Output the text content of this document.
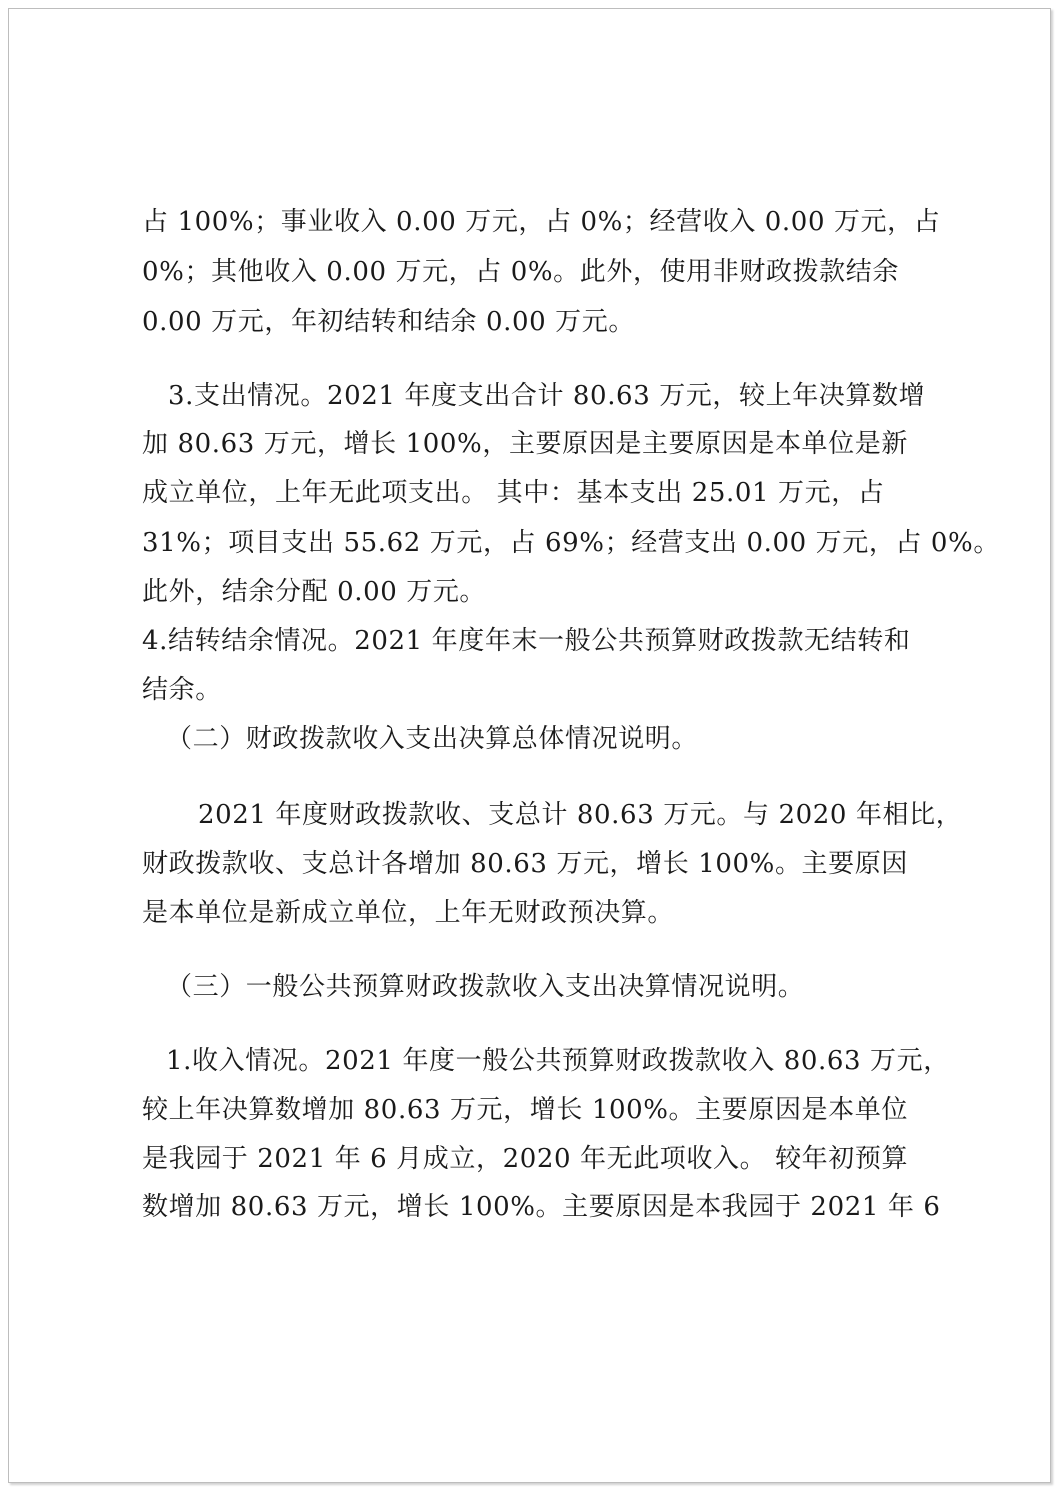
占 100%；事业收入 0.00 万元，占 0%；经营收入 0.00 万元，占
0%；其他收入 0.00 万元，占 0%。此外，使用非财政拨款结余
0.00 万元，年初结转和结余 0.00 万元。
3.支出情况。2021 年度支出合计 80.63 万元，较上年决算数增
加 80.63 万元，增长 100%，主要原因是主要原因是本单位是新
成立单位，上年无此项支出。 其中：基本支出 25.01 万元，占
31%；项目支出 55.62 万元，占 69%；经营支出 0.00 万元，占 0%。
此外，结余分配 0.00 万元。
4.结转结余情况。2021 年度年末一般公共预算财政拨款无结转和
结余。
（二）财政拨款收入支出决算总体情况说明。
2021 年度财政拨款收、支总计 80.63 万元。与 2020 年相比，
财政拨款收、支总计各增加 80.63 万元，增长 100%。主要原因
是本单位是新成立单位，上年无财政预决算。
（三）一般公共预算财政拨款收入支出决算情况说明。
1.收入情况。2021 年度一般公共预算财政拨款收入 80.63 万元，
较上年决算数增加 80.63 万元，增长 100%。主要原因是本单位
是我园于 2021 年 6 月成立，2020 年无此项收入。 较年初预算
数增加 80.63 万元，增长 100%。主要原因是本我园于 2021 年 6
